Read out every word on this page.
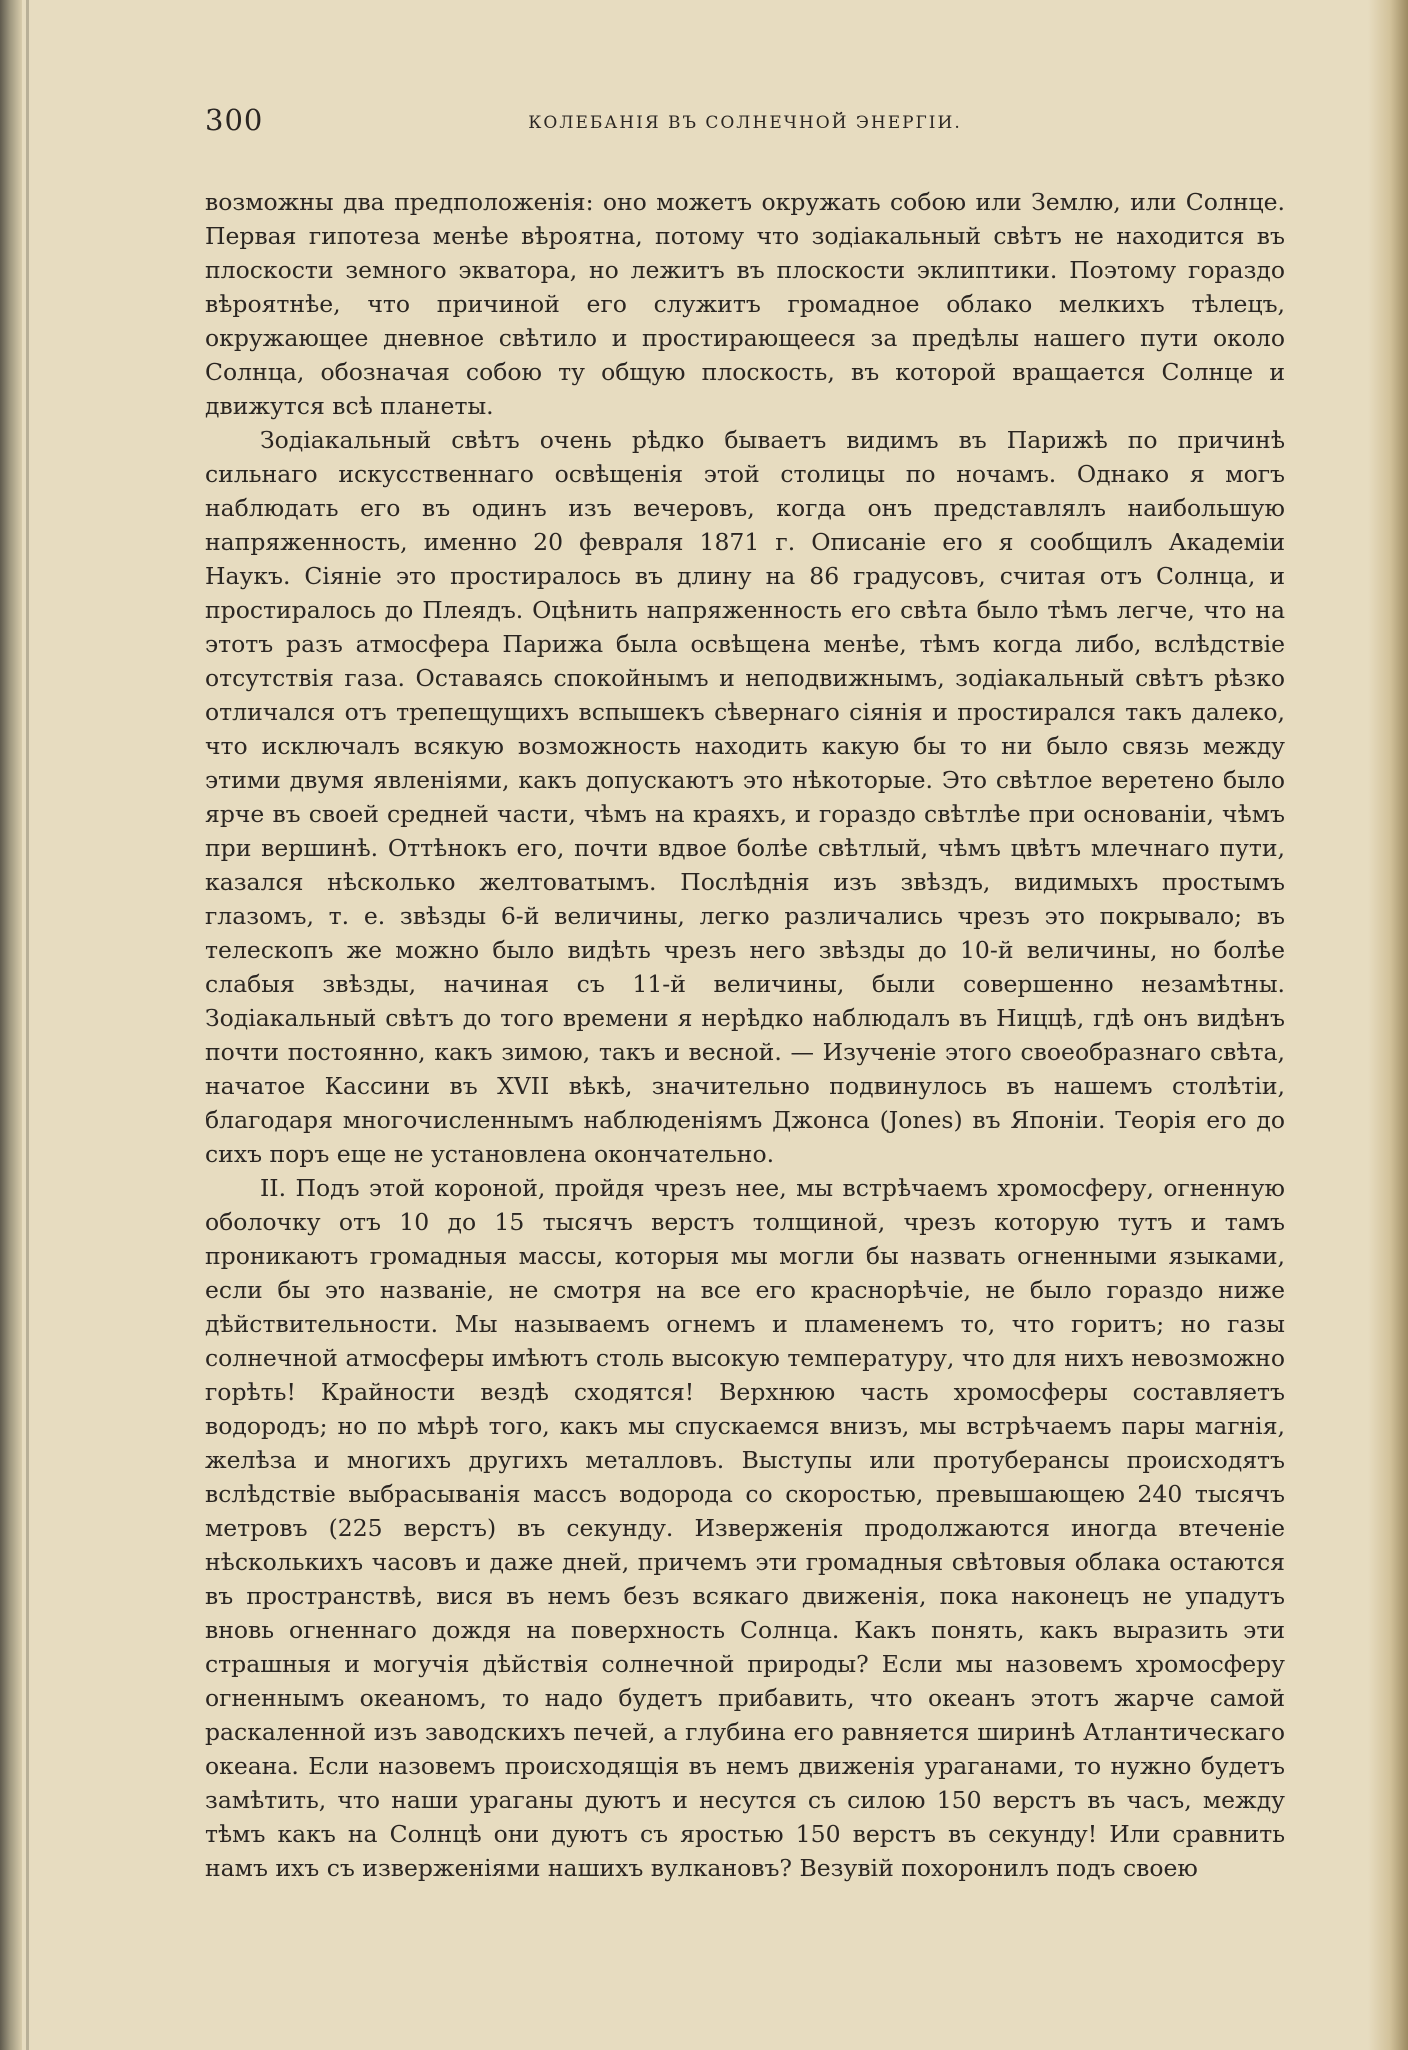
300	КОЛЕБАНІЯ ВЪ СОЛНЕЧНОЙ ЭНЕРГІИ.

возможны два предположенія: оно можетъ окружать собою или Землю, или Солнце. Первая гипотеза менѣе вѣроятна, потому что зодіакальный свѣтъ не находится въ плоскости земного экватора, но лежитъ въ плоскости эклиптики. Поэтому гораздо вѣроятнѣе, что причиной его служитъ громадное облако мелкихъ тѣлецъ, окружающее дневное свѣтило и простирающееся за предѣлы нашего пути около Солнца, обозначая собою ту общую плоскость, въ которой вращается Солнце и движутся всѣ планеты.

Зодіакальный свѣтъ очень рѣдко бываетъ видимъ въ Парижѣ по причинѣ сильнаго искусственнаго освѣщенія этой столицы по ночамъ. Однако я могъ наблюдать его въ одинъ изъ вечеровъ, когда онъ представлялъ наибольшую напряженность, именно 20 февраля 1871 г. Описаніе его я сообщилъ Академіи Наукъ. Сіяніе это простиралось въ длину на 86 градусовъ, считая отъ Солнца, и простиралось до Плеядъ. Оцѣнить напряженность его свѣта было тѣмъ легче, что на этотъ разъ атмосфера Парижа была освѣщена менѣе, тѣмъ когда либо, вслѣдствіе отсутствія газа. Оставаясь спокойнымъ и неподвижнымъ, зодіакальный свѣтъ рѣзко отличался отъ трепещущихъ вспышекъ сѣвернаго сіянія и простирался такъ далеко, что исключалъ всякую возможность находить какую бы то ни было связь между этими двумя явленіями, какъ допускаютъ это нѣкоторые. Это свѣтлое веретено было ярче въ своей средней части, чѣмъ на краяхъ, и гораздо свѣтлѣе при основаніи, чѣмъ при вершинѣ. Оттѣнокъ его, почти вдвое болѣе свѣтлый, чѣмъ цвѣтъ млечнаго пути, казался нѣсколько желтоватымъ. Послѣднія изъ звѣздъ, видимыхъ простымъ глазомъ, т. е. звѣзды 6-й величины, легко различались чрезъ это покрывало; въ телескопъ же можно было видѣть чрезъ него звѣзды до 10-й величины, но болѣе слабыя звѣзды, начиная съ 11-й величины, были совершенно незамѣтны. Зодіакальный свѣтъ до того времени я нерѣдко наблюдалъ въ Ниццѣ, гдѣ онъ видѣнъ почти постоянно, какъ зимою, такъ и весной. — Изученіе этого своеобразнаго свѣта, начатое Кассини въ XVII вѣкѣ, значительно подвинулось въ нашемъ столѣтіи, благодаря многочисленнымъ наблюденіямъ Джонса (Jones) въ Японіи. Теорія его до сихъ поръ еще не установлена окончательно.

II. Подъ этой короной, пройдя чрезъ нее, мы встрѣчаемъ хромосферу, огненную оболочку отъ 10 до 15 тысячъ верстъ толщиной, чрезъ которую тутъ и тамъ проникаютъ громадныя массы, которыя мы могли бы назвать огненными языками, если бы это названіе, не смотря на все его краснорѣчіе, не было гораздо ниже дѣйствительности. Мы называемъ огнемъ и пламенемъ то, что горитъ; но газы солнечной атмосферы имѣютъ столь высокую температуру, что для нихъ невозможно горѣть! Крайности вездѣ сходятся! Верхнюю часть хромосферы составляетъ водородъ; но по мѣрѣ того, какъ мы спускаемся внизъ, мы встрѣчаемъ пары магнія, желѣза и многихъ другихъ металловъ. Выступы или протуберансы происходятъ вслѣдствіе выбрасыванія массъ водорода со скоростью, превышающею 240 тысячъ метровъ (225 верстъ) въ секунду. Изверженія продолжаются иногда втеченіе нѣсколькихъ часовъ и даже дней, причемъ эти громадныя свѣтовыя облака остаются въ пространствѣ, вися въ немъ безъ всякаго движенія, пока наконецъ не упадутъ вновь огненнаго дождя на поверхность Солнца. Какъ понять, какъ выразить эти страшныя и могучія дѣйствія солнечной природы? Если мы назовемъ хромосферу огненнымъ океаномъ, то надо будетъ прибавить, что океанъ этотъ жарче самой раскаленной изъ заводскихъ печей, а глубина его равняется ширинѣ Атлантическаго океана. Если назовемъ происходящія въ немъ движенія ураганами, то нужно будетъ замѣтить, что наши ураганы дуютъ и несутся съ силою 150 верстъ въ часъ, между тѣмъ какъ на Солнцѣ они дуютъ съ яростью 150 верстъ въ секунду! Или сравнить намъ ихъ съ изверженіями нашихъ вулкановъ? Везувій похоронилъ подъ своею
